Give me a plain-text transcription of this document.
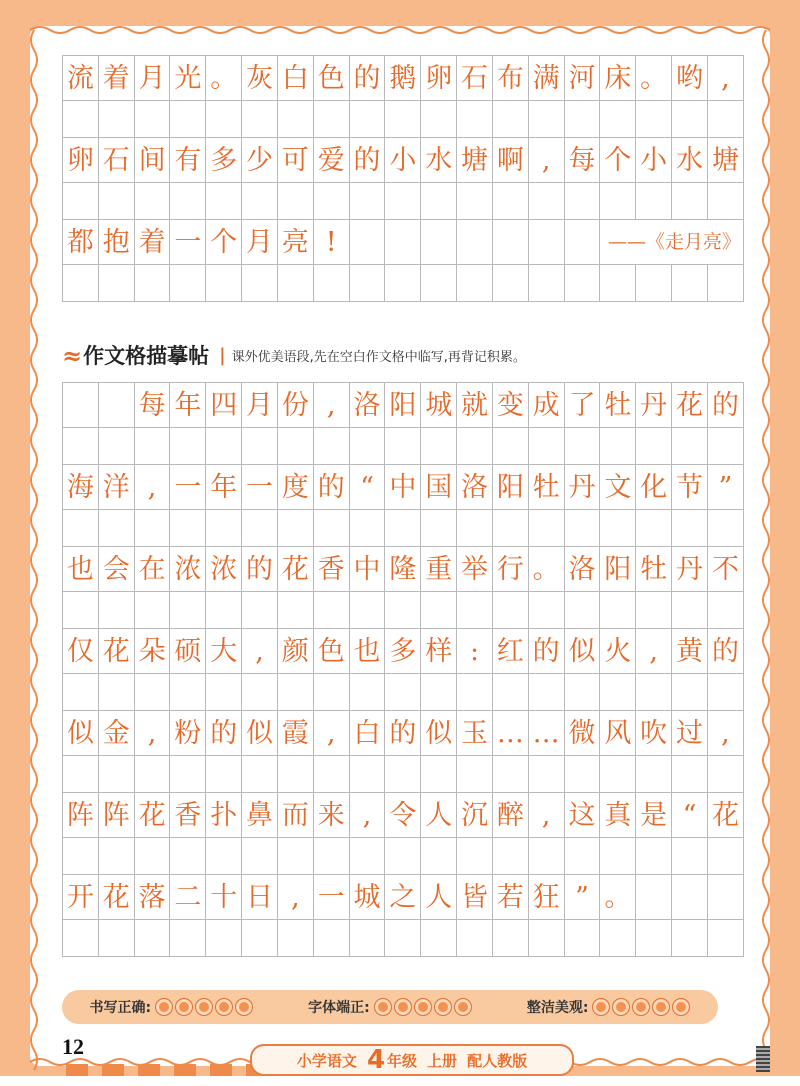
流	着	月	光	。	灰	白	色	的	鹅	卵	石	布	满	河	床	。	哟	,

卵	石	间	有	多	少	可	爱	的	小	水	塘	啊	,	每	个	小	水	塘

都	抱	着	一	个	月	亮	!								——《走月亮》			

≈ 作文格描摹帖 | 课外优美语段,先在空白作文格中临写,再背记积累。
		每	年	四	月	份	,	洛	阳	城	就	变	成	了	牡	丹	花	的

海	洋	,	一	年	一	度	的	“	中	国	洛	阳	牡	丹	文	化	节	”

也	会	在	浓	浓	的	花	香	中	隆	重	举	行	。	洛	阳	牡	丹	不

仅	花	朵	硕	大	,	颜	色	也	多	样	:	红	的	似	火	,	黄	的

似	金	,	粉	的	似	霞	,	白	的	似	玉	…	…	微	风	吹	过	,

阵	阵	花	香	扑	鼻	而	来	,	令	人	沉	醉	,	这	真	是	“	花

开	花	落	二	十	日	,	一	城	之	人	皆	若	狂	”	。			

书写正确:	字体端正:	整洁美观:
12
小学语文 4 年级 上册 配人教版
